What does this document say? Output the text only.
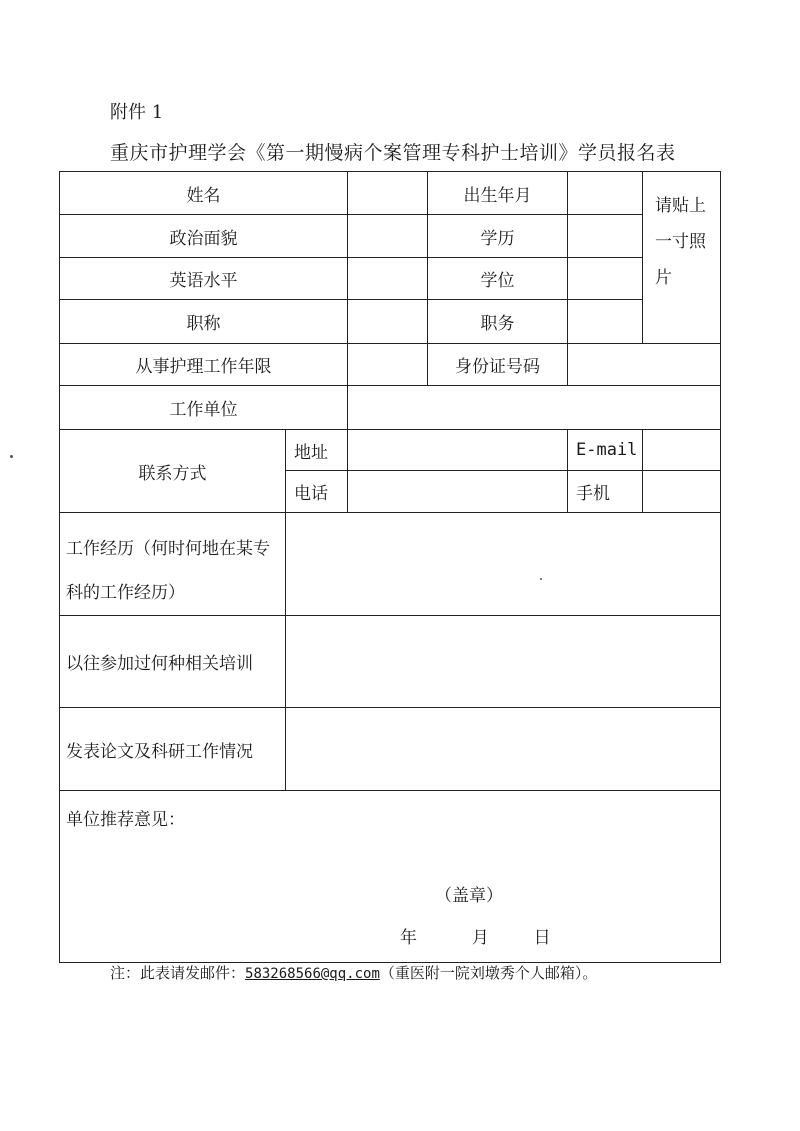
附件 1
重庆市护理学会《第一期慢病个案管理专科护士培训》学员报名表
姓名			出生年月		请贴上一寸照片
政治面貌			学历		
英语水平			学位		
职称			职务		
从事护理工作年限			身份证号码		
工作单位					
联系方式	地址			E-mail	
	电话			手机	
工作经历（何时何地在某专科的工作经历）					
以往参加过何种相关培训					
发表论文及科研工作情况					

单位推荐意见：
（盖章）
年 月 日					
注：此表请发邮件：583268566@qq.com（重医附一院刘墩秀个人邮箱）。
